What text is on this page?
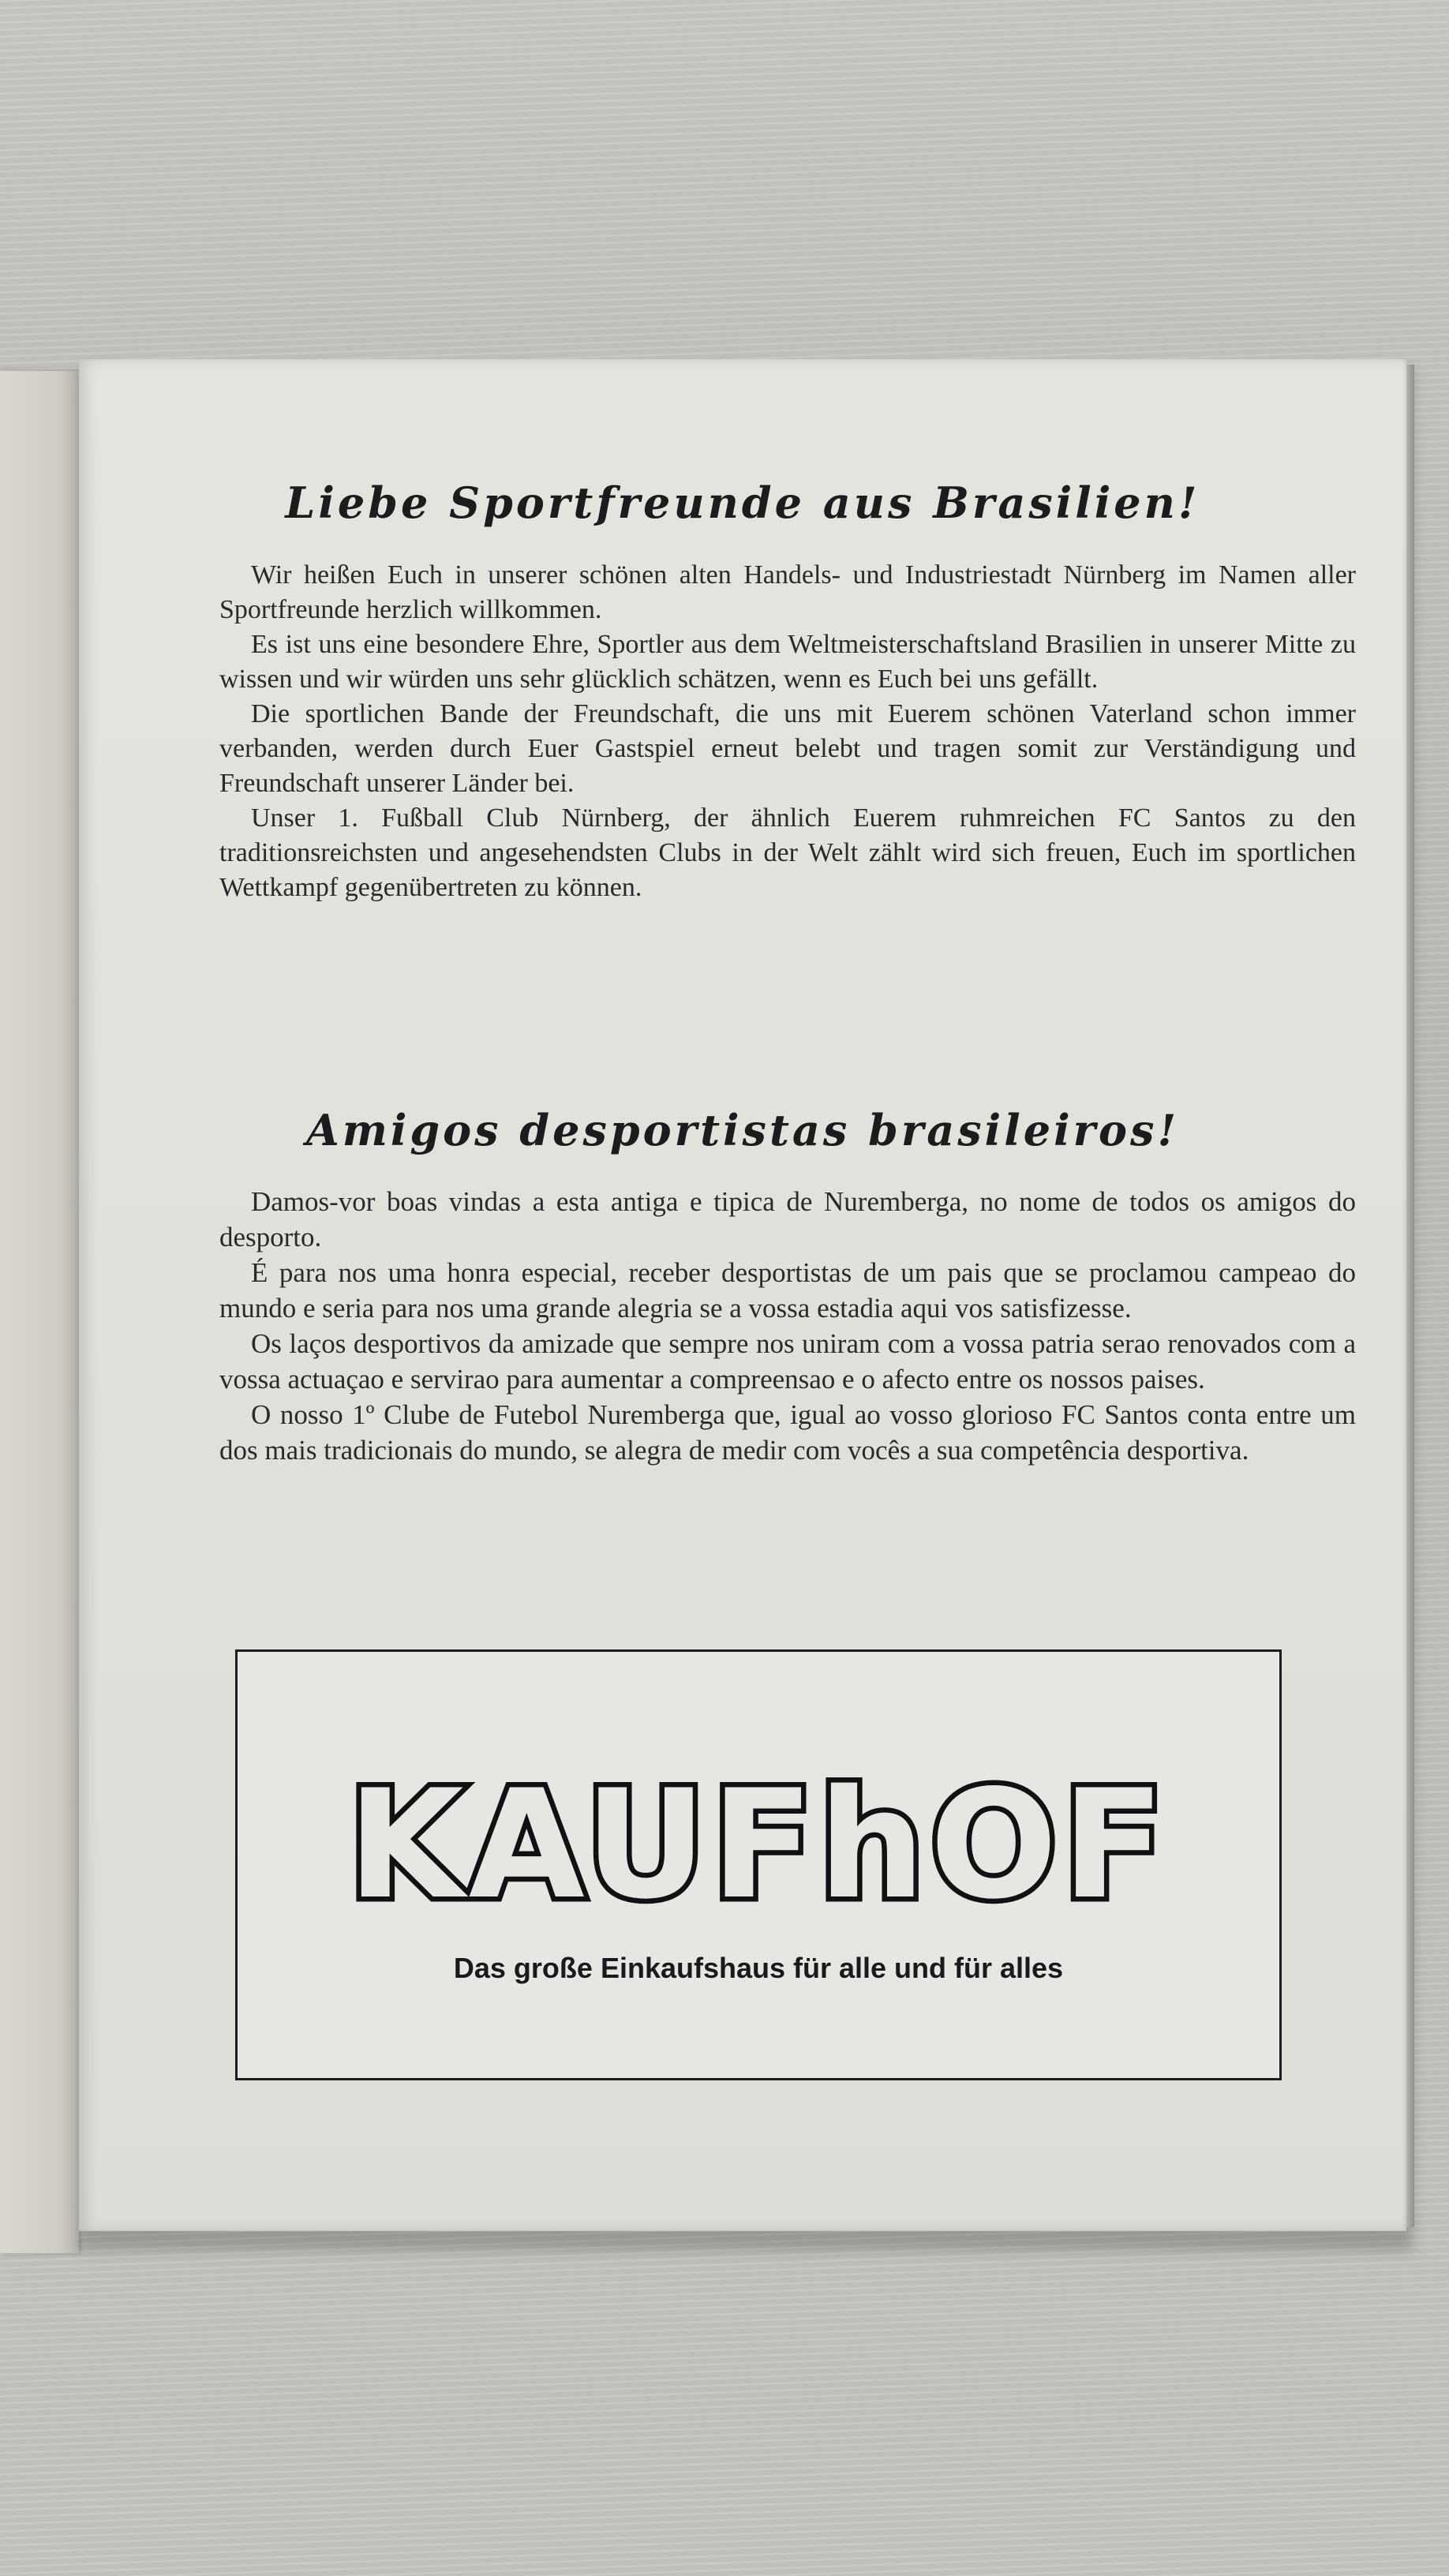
Liebe Sportfreunde aus Brasilien!

Wir heißen Euch in unserer schönen alten Handels- und Industriestadt Nürnberg im Namen aller Sportfreunde herzlich willkommen.

Es ist uns eine besondere Ehre, Sportler aus dem Weltmeisterschaftsland Brasilien in unserer Mitte zu wissen und wir würden uns sehr glücklich schätzen, wenn es Euch bei uns gefällt.

Die sportlichen Bande der Freundschaft, die uns mit Euerem schönen Vaterland schon immer verbanden, werden durch Euer Gastspiel erneut belebt und tragen somit zur Verständigung und Freundschaft unserer Länder bei.

Unser 1. Fußball Club Nürnberg, der ähnlich Euerem ruhmreichen FC Santos zu den traditionsreichsten und angesehendsten Clubs in der Welt zählt wird sich freuen, Euch im sportlichen Wettkampf gegenübertreten zu können.

Amigos desportistas brasileiros!

Damos-vor boas vindas a esta antiga e tipica de Nuremberga, no nome de todos os amigos do desporto.

É para nos uma honra especial, receber desportistas de um pais que se proclamou campeao do mundo e seria para nos uma grande alegria se a vossa estadia aqui vos satisfizesse.

Os laços desportivos da amizade que sempre nos uniram com a vossa patria serao renovados com a vossa actuaçao e servirao para aumentar a compreensao e o afecto entre os nossos paises.

O nosso 1º Clube de Futebol Nuremberga que, igual ao vosso glorioso FC Santos conta entre um dos mais tradicionais do mundo, se alegra de medir com vocês a sua competência desportiva.

KAUFhOF
Das große Einkaufshaus für alle und für alles
